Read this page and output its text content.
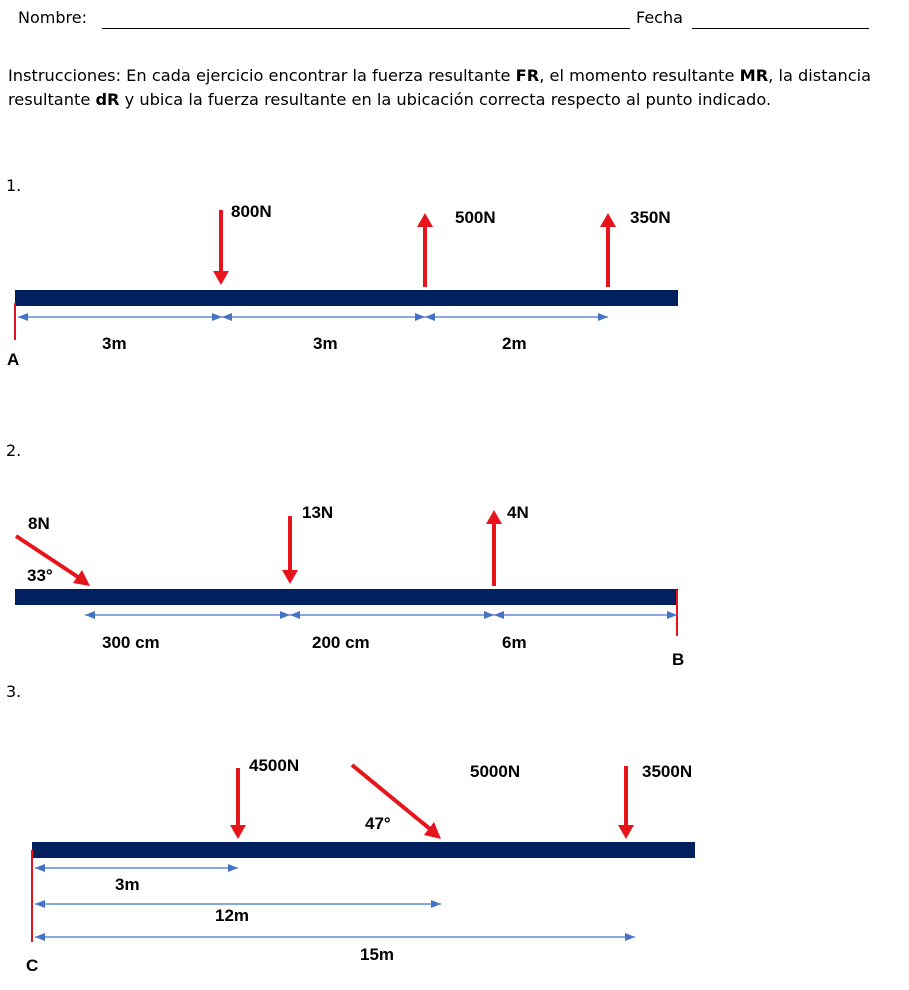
Nombre:	Fecha
Instrucciones: En cada ejercicio encontrar la fuerza resultante FR, el momento resultante MR, la distancia resultante dR y ubica la fuerza resultante en la ubicación correcta respecto al punto indicado.
1.
800N	500N	350N
3m	3m	2m
A
2.
8N
33°
13N	4N
300 cm	200 cm	6m
B
3.
4500N	5000N
47°
3500N
3m
12m
15m
C
